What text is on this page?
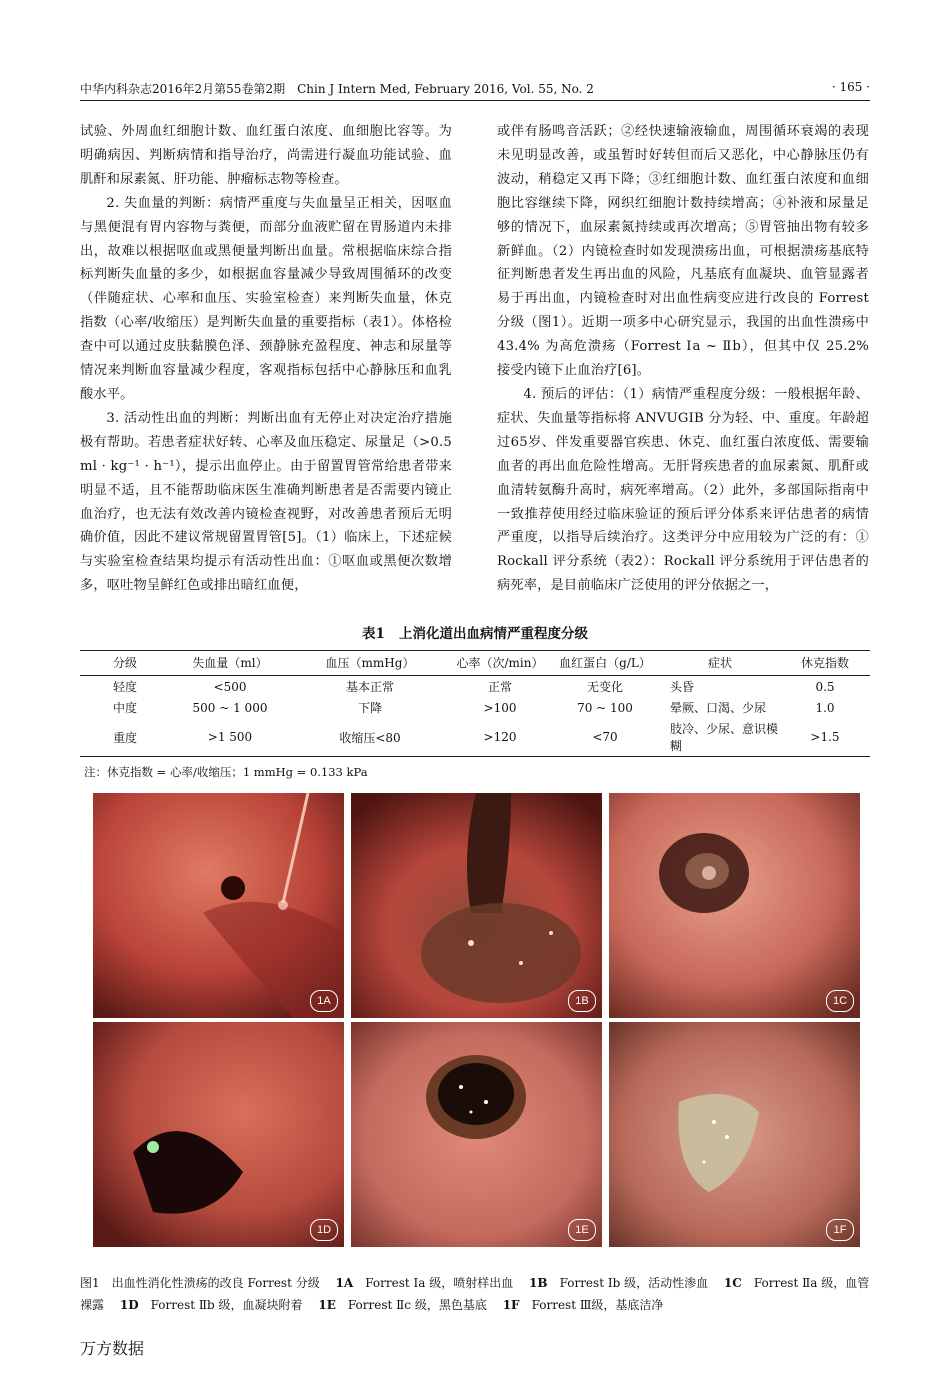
中华内科杂志2016年2月第55卷第2期　Chin J Intern Med, February 2016, Vol. 55, No. 2	· 165 ·

试验、外周血红细胞计数、血红蛋白浓度、血细胞比容等。为明确病因、判断病情和指导治疗，尚需进行凝血功能试验、血肌酐和尿素氮、肝功能、肿瘤标志物等检查。

2. 失血量的判断：病情严重度与失血量呈正相关，因呕血与黑便混有胃内容物与粪便，而部分血液贮留在胃肠道内未排出，故难以根据呕血或黑便量判断出血量。常根据临床综合指标判断失血量的多少，如根据血容量减少导致周围循环的改变（伴随症状、心率和血压、实验室检查）来判断失血量，休克指数（心率/收缩压）是判断失血量的重要指标（表1）。体格检查中可以通过皮肤黏膜色泽、颈静脉充盈程度、神志和尿量等情况来判断血容量减少程度，客观指标包括中心静脉压和血乳酸水平。

3. 活动性出血的判断：判断出血有无停止对决定治疗措施极有帮助。若患者症状好转、心率及血压稳定、尿量足（>0.5 ml · kg⁻¹ · h⁻¹），提示出血停止。由于留置胃管常给患者带来明显不适，且不能帮助临床医生准确判断患者是否需要内镜止血治疗，也无法有效改善内镜检查视野，对改善患者预后无明确价值，因此不建议常规留置胃管[5]。（1）临床上，下述症候与实验室检查结果均提示有活动性出血：①呕血或黑便次数增多，呕吐物呈鲜红色或排出暗红血便，

或伴有肠鸣音活跃；②经快速输液输血，周围循环衰竭的表现未见明显改善，或虽暂时好转但而后又恶化，中心静脉压仍有波动，稍稳定又再下降；③红细胞计数、血红蛋白浓度和血细胞比容继续下降，网织红细胞计数持续增高；④补液和尿量足够的情况下，血尿素氮持续或再次增高；⑤胃管抽出物有较多新鲜血。（2）内镜检查时如发现溃疡出血，可根据溃疡基底特征判断患者发生再出血的风险，凡基底有血凝块、血管显露者易于再出血，内镜检查时对出血性病变应进行改良的 Forrest 分级（图1）。近期一项多中心研究显示，我国的出血性溃疡中 43.4% 为高危溃疡（Forrest Ⅰa ~ Ⅱb），但其中仅 25.2% 接受内镜下止血治疗[6]。

4. 预后的评估：（1）病情严重程度分级：一般根据年龄、症状、失血量等指标将 ANVUGIB 分为轻、中、重度。年龄超过65岁、伴发重要器官疾患、休克、血红蛋白浓度低、需要输血者的再出血危险性增高。无肝肾疾患者的血尿素氮、肌酐或血清转氨酶升高时，病死率增高。（2）此外，多部国际指南中一致推荐使用经过临床验证的预后评分体系来评估患者的病情严重度，以指导后续治疗。这类评分中应用较为广泛的有：① Rockall 评分系统（表2）：Rockall 评分系统用于评估患者的病死率，是目前临床广泛使用的评分依据之一，

表1 上消化道出血病情严重程度分级
分级	失血量（ml）	血压（mmHg）	心率（次/min）	血红蛋白（g/L）	症状	休克指数
轻度	<500	基本正常	正常	无变化	头昏	0.5
中度	500 ~ 1 000	下降	>100	70 ~ 100	晕厥、口渴、少尿	1.0
重度	>1 500	收缩压<80	>120	<70	肢冷、少尿、意识模糊	>1.5
注：休克指数 = 心率/收缩压；1 mmHg = 0.133 kPa
1A	1B	1C
1D	1E	1F
图1　出血性消化性溃疡的改良 Forrest 分级　 1A　 Forrest Ⅰa 级，喷射样出血　 1B　 Forrest Ⅰb 级，活动性渗血　 1C　 Forrest Ⅱa 级，血管裸露　 1D　 Forrest Ⅱb 级，血凝块附着　 1E　 Forrest Ⅱc 级，黑色基底　 1F　 Forrest Ⅲ级，基底洁净
万方数据
